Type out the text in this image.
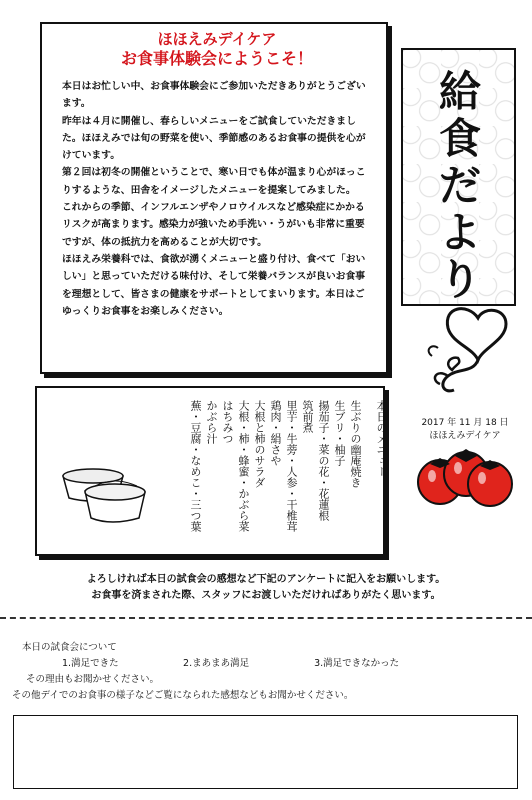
ほほえみデイケア
お食事体験会にようこそ！

本日はお忙しい中、お食事体験会にご参加いただきありがとうございます。

昨年は４月に開催し、春らしいメニューをご試食していただきました。ほほえみでは旬の野菜を使い、季節感のあるお食事の提供を心がけています。

第２回は初冬の開催ということで、寒い日でも体が温まり心がほっこりするような、田舎をイメージしたメニューを提案してみました。

これからの季節、インフルエンザやノロウイルスなど感染症にかかるリスクが高まります。感染力が強いため手洗い・うがいも非常に重要ですが、体の抵抗力を高めることが大切です。

ほほえみ栄養科では、食欲が湧くメニューと盛り付け、食べて「おいしい」と思っていただける味付け、そして栄養バランスが良いお食事を理想として、皆さまの健康をサポートとしてまいります。本日はごゆっくりお食事をお楽しみください。

給
食
だ
よ
り
2017 年 11 月 18 日
ほほえみデイケア
本日のメニュー
生ぶりの幽庵焼き
生ブリ・柚子
揚茄子・菜の花・花蓮根
筑前煮
里芋・牛蒡・人参・干椎茸
鶏肉・絹さや
大根と柿のサラダ
大根・柿・蜂蜜・かぶら菜
はちみつ
かぶら汁
蕪・豆腐・なめこ・三つ葉
よろしければ本日の試食会の感想など下記のアンケートに記入をお願いします。
お食事を済まされた際、スタッフにお渡しいただければありがたく思います。
本日の試食会について
1.満足できた	2.まあまあ満足	3.満足できなかった
その理由もお聞かせください。
その他デイでのお食事の様子などご覧になられた感想などもお聞かせください。
